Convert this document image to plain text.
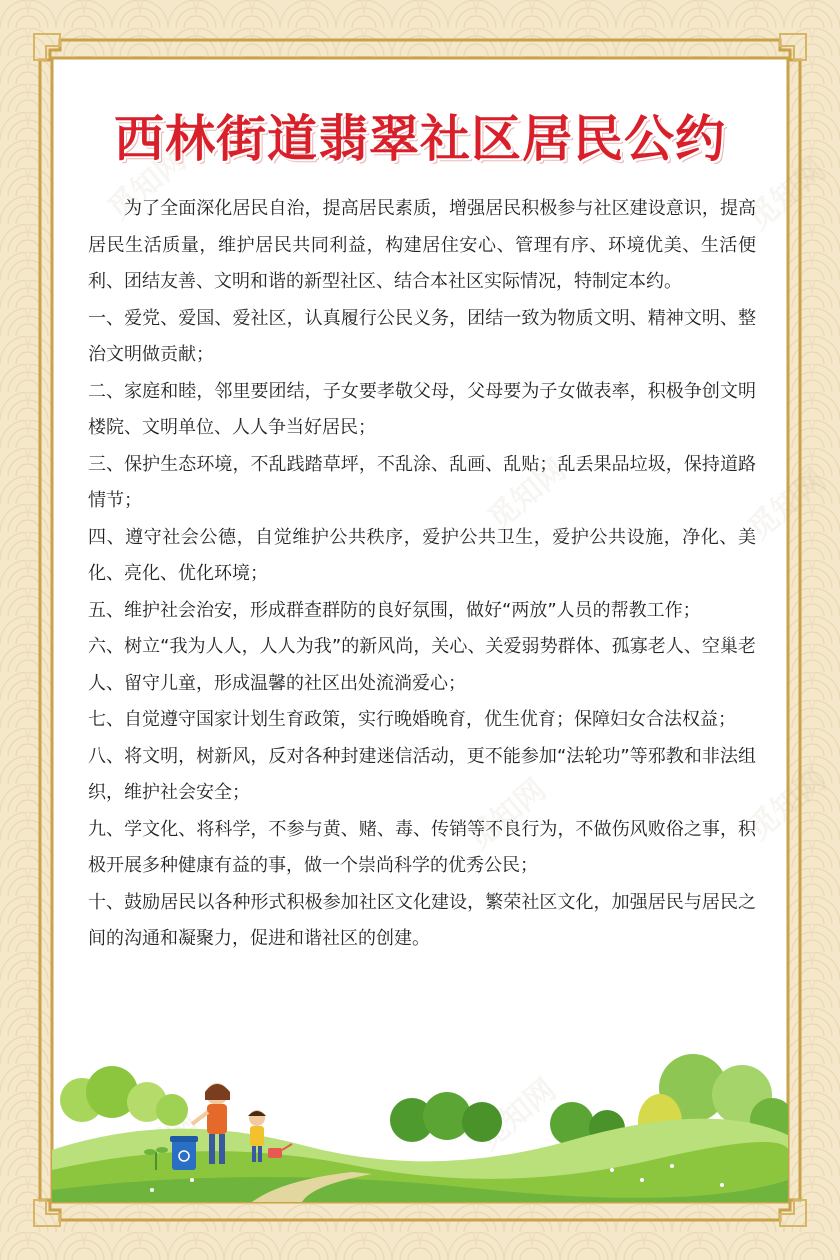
西林街道翡翠社区居民公约

为了全面深化居民自治，提高居民素质，增强居民积极参与社区建设意识，提高居民生活质量，维护居民共同利益，构建居住安心、管理有序、环境优美、生活便利、团结友善、文明和谐的新型社区、结合本社区实际情况，特制定本约。

一、爱党、爱国、爱社区，认真履行公民义务，团结一致为物质文明、精神文明、整治文明做贡献；

二、家庭和睦，邻里要团结，子女要孝敬父母，父母要为子女做表率，积极争创文明楼院、文明单位、人人争当好居民；

三、保护生态环境，不乱践踏草坪，不乱涂、乱画、乱贴；乱丢果品垃圾，保持道路情节；

四、遵守社会公德，自觉维护公共秩序，爱护公共卫生，爱护公共设施，净化、美化、亮化、优化环境；

五、维护社会治安，形成群查群防的良好氛围，做好“两放”人员的帮教工作；

六、树立“我为人人，人人为我”的新风尚，关心、关爱弱势群体、孤寡老人、空巢老人、留守儿童，形成温馨的社区出处流淌爱心；

七、自觉遵守国家计划生育政策，实行晚婚晚育，优生优育；保障妇女合法权益；

八、将文明，树新风，反对各种封建迷信活动，更不能参加“法轮功”等邪教和非法组织，维护社会安全；

九、学文化、将科学，不参与黄、赌、毒、传销等不良行为，不做伤风败俗之事，积极开展多种健康有益的事，做一个崇尚科学的优秀公民；

十、鼓励居民以各种形式积极参加社区文化建设，繁荣社区文化，加强居民与居民之间的沟通和凝聚力，促进和谐社区的创建。
